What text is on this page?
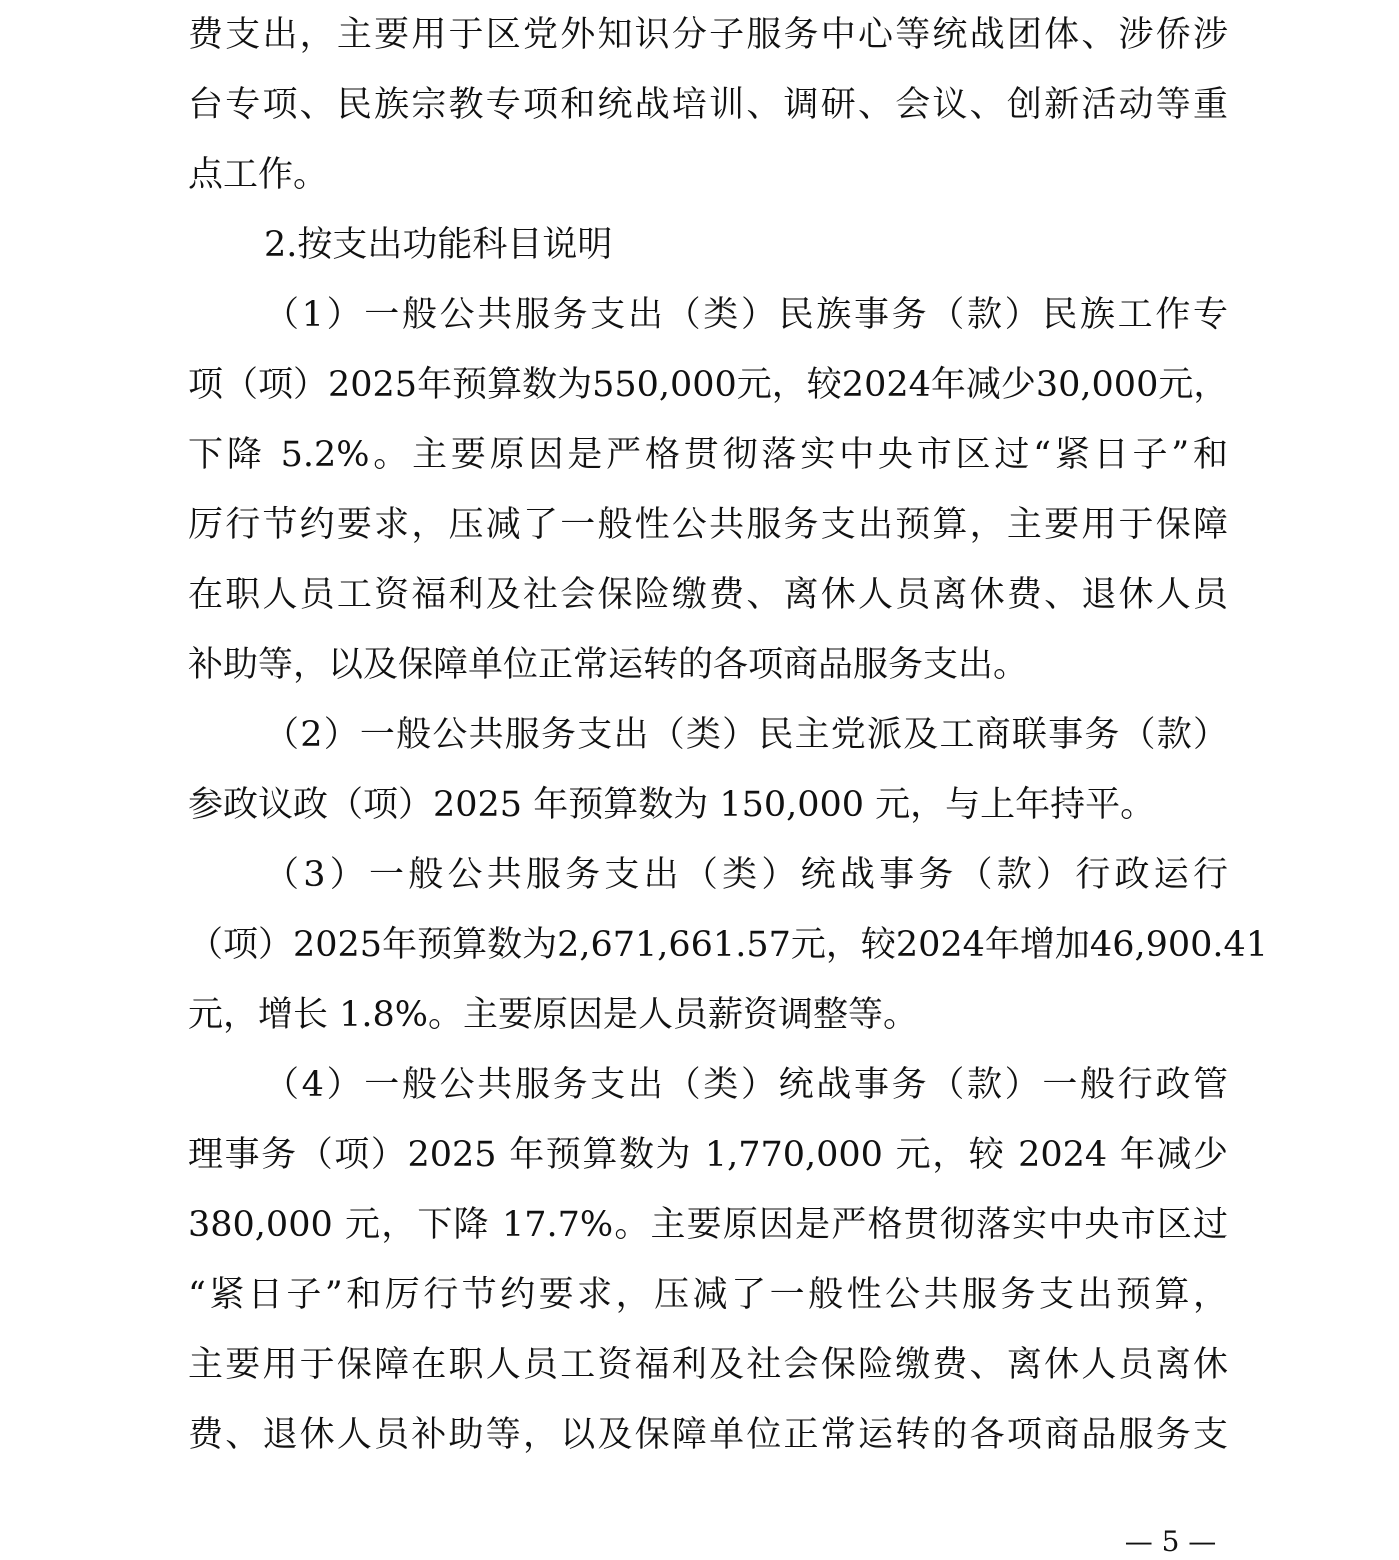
费支出，主要用于区党外知识分子服务中心等统战团体、涉侨涉
台专项、民族宗教专项和统战培训、调研、会议、创新活动等重
点工作。
2.按支出功能科目说明
（1）一般公共服务支出（类）民族事务（款）民族工作专
项（项）2025年预算数为550,000元，较2024年减少30,000元，
下降 5.2%。主要原因是严格贯彻落实中央市区过“紧日子”和
厉行节约要求，压减了一般性公共服务支出预算，主要用于保障
在职人员工资福利及社会保险缴费、离休人员离休费、退休人员
补助等，以及保障单位正常运转的各项商品服务支出。
（2）一般公共服务支出（类）民主党派及工商联事务（款）
参政议政（项）2025 年预算数为 150,000 元，与上年持平。
（3）一般公共服务支出（类）统战事务（款）行政运行
（项）2025年预算数为2,671,661.57元，较2024年增加46,900.41
元，增长 1.8%。主要原因是人员薪资调整等。
（4）一般公共服务支出（类）统战事务（款）一般行政管
理事务（项）2025 年预算数为 1,770,000 元，较 2024 年减少
380,000 元，下降 17.7%。主要原因是严格贯彻落实中央市区过
“紧日子”和厉行节约要求，压减了一般性公共服务支出预算，
主要用于保障在职人员工资福利及社会保险缴费、离休人员离休
费、退休人员补助等，以及保障单位正常运转的各项商品服务支
— 5 —
